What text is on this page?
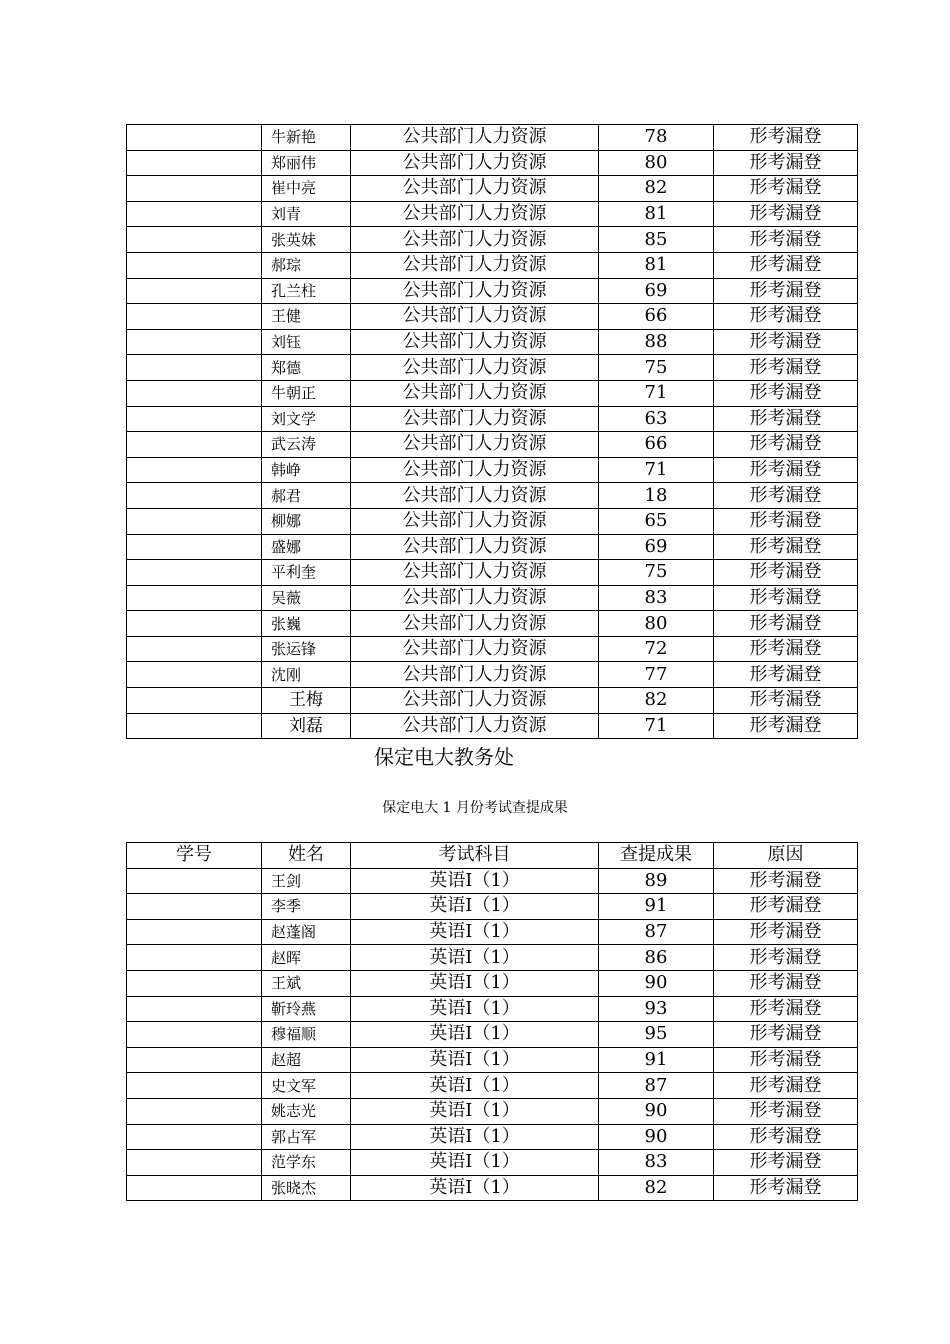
	牛新艳	公共部门人力资源	78	形考漏登
	郑丽伟	公共部门人力资源	80	形考漏登
	崔中亮	公共部门人力资源	82	形考漏登
	刘青	公共部门人力资源	81	形考漏登
	张英妹	公共部门人力资源	85	形考漏登
	郝琮	公共部门人力资源	81	形考漏登
	孔兰柱	公共部门人力资源	69	形考漏登
	王健	公共部门人力资源	66	形考漏登
	刘钰	公共部门人力资源	88	形考漏登
	郑德	公共部门人力资源	75	形考漏登
	牛朝正	公共部门人力资源	71	形考漏登
	刘文学	公共部门人力资源	63	形考漏登
	武云涛	公共部门人力资源	66	形考漏登
	韩峥	公共部门人力资源	71	形考漏登
	郝君	公共部门人力资源	18	形考漏登
	柳娜	公共部门人力资源	65	形考漏登
	盛娜	公共部门人力资源	69	形考漏登
	平利奎	公共部门人力资源	75	形考漏登
	吴薇	公共部门人力资源	83	形考漏登
	张巍	公共部门人力资源	80	形考漏登
	张运锋	公共部门人力资源	72	形考漏登
	沈刚	公共部门人力资源	77	形考漏登
	王梅	公共部门人力资源	82	形考漏登
	刘磊	公共部门人力资源	71	形考漏登
保定电大教务处
保定电大 1 月份考试查提成果
学号	姓名	考试科目	查提成果	原因
	王剑	英语Ⅰ（1）	89	形考漏登
	李季	英语Ⅰ（1）	91	形考漏登
	赵蓬阁	英语Ⅰ（1）	87	形考漏登
	赵晖	英语Ⅰ（1）	86	形考漏登
	王斌	英语Ⅰ（1）	90	形考漏登
	靳玲燕	英语Ⅰ（1）	93	形考漏登
	穆福顺	英语Ⅰ（1）	95	形考漏登
	赵超	英语Ⅰ（1）	91	形考漏登
	史文军	英语Ⅰ（1）	87	形考漏登
	姚志光	英语Ⅰ（1）	90	形考漏登
	郭占军	英语Ⅰ（1）	90	形考漏登
	范学东	英语Ⅰ（1）	83	形考漏登
	张晓杰	英语Ⅰ（1）	82	形考漏登
